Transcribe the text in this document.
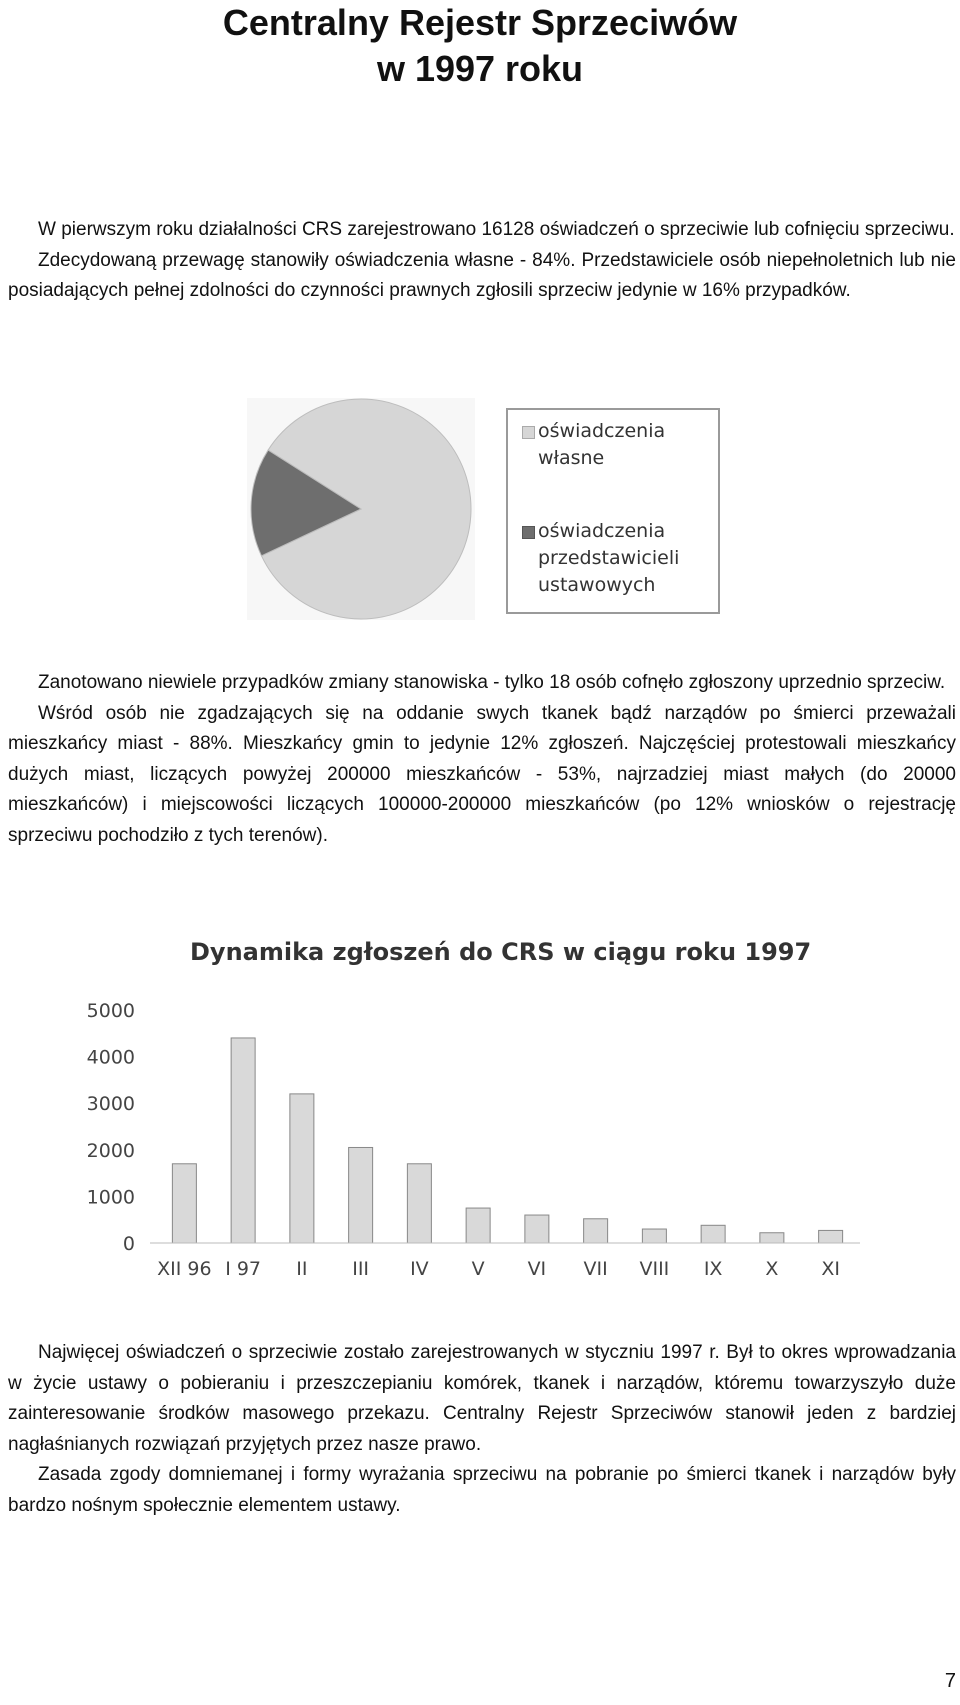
Centralny Rejestr Sprzeciwów
w 1997 roku

W pierwszym roku działalności CRS zarejestrowano 16128 oświadczeń o sprzeciwie lub cofnięciu sprzeciwu.

Zdecydowaną przewagę stanowiły oświadczenia własne - 84%. Przedstawiciele osób niepełnoletnich lub nie posiadających pełnej zdolności do czynności prawnych zgłosili sprzeciw jedynie w 16% przypadków.

oświadczenia
własne
oświadczenia
przedstawicieli
ustawowych

Zanotowano niewiele przypadków zmiany stanowiska - tylko 18 osób cofnęło zgłoszony uprzednio sprzeciw.

Wśród osób nie zgadzających się na oddanie swych tkanek bądź narządów po śmierci przeważali mieszkańcy miast - 88%. Mieszkańcy gmin to jedynie 12% zgłoszeń. Najczęściej protestowali mieszkańcy dużych miast, liczących powyżej 200000 mieszkańców - 53%, najrzadziej miast małych (do 20000 mieszkańców) i miejscowości liczących 100000-200000 mieszkańców (po 12% wniosków o rejestrację sprzeciwu pochodziło z tych terenów).

Dynamika zgłoszeń do CRS w ciągu roku 1997
0
1000
2000
3000
4000
5000
XII 96 I 97 II III IV V VI VII VIII IX X XI

Najwięcej oświadczeń o sprzeciwie zostało zarejestrowanych w styczniu 1997 r. Był to okres wprowadzania w życie ustawy o pobieraniu i przeszczepianiu komórek, tkanek i narządów, któremu towarzyszyło duże zainteresowanie środków masowego przekazu. Centralny Rejestr Sprzeciwów stanowił jeden z bardziej nagłaśnianych rozwiązań przyjętych przez nasze prawo.

Zasada zgody domniemanej i formy wyrażania sprzeciwu na pobranie po śmierci tkanek i narządów były bardzo nośnym społecznie elementem ustawy.

7
